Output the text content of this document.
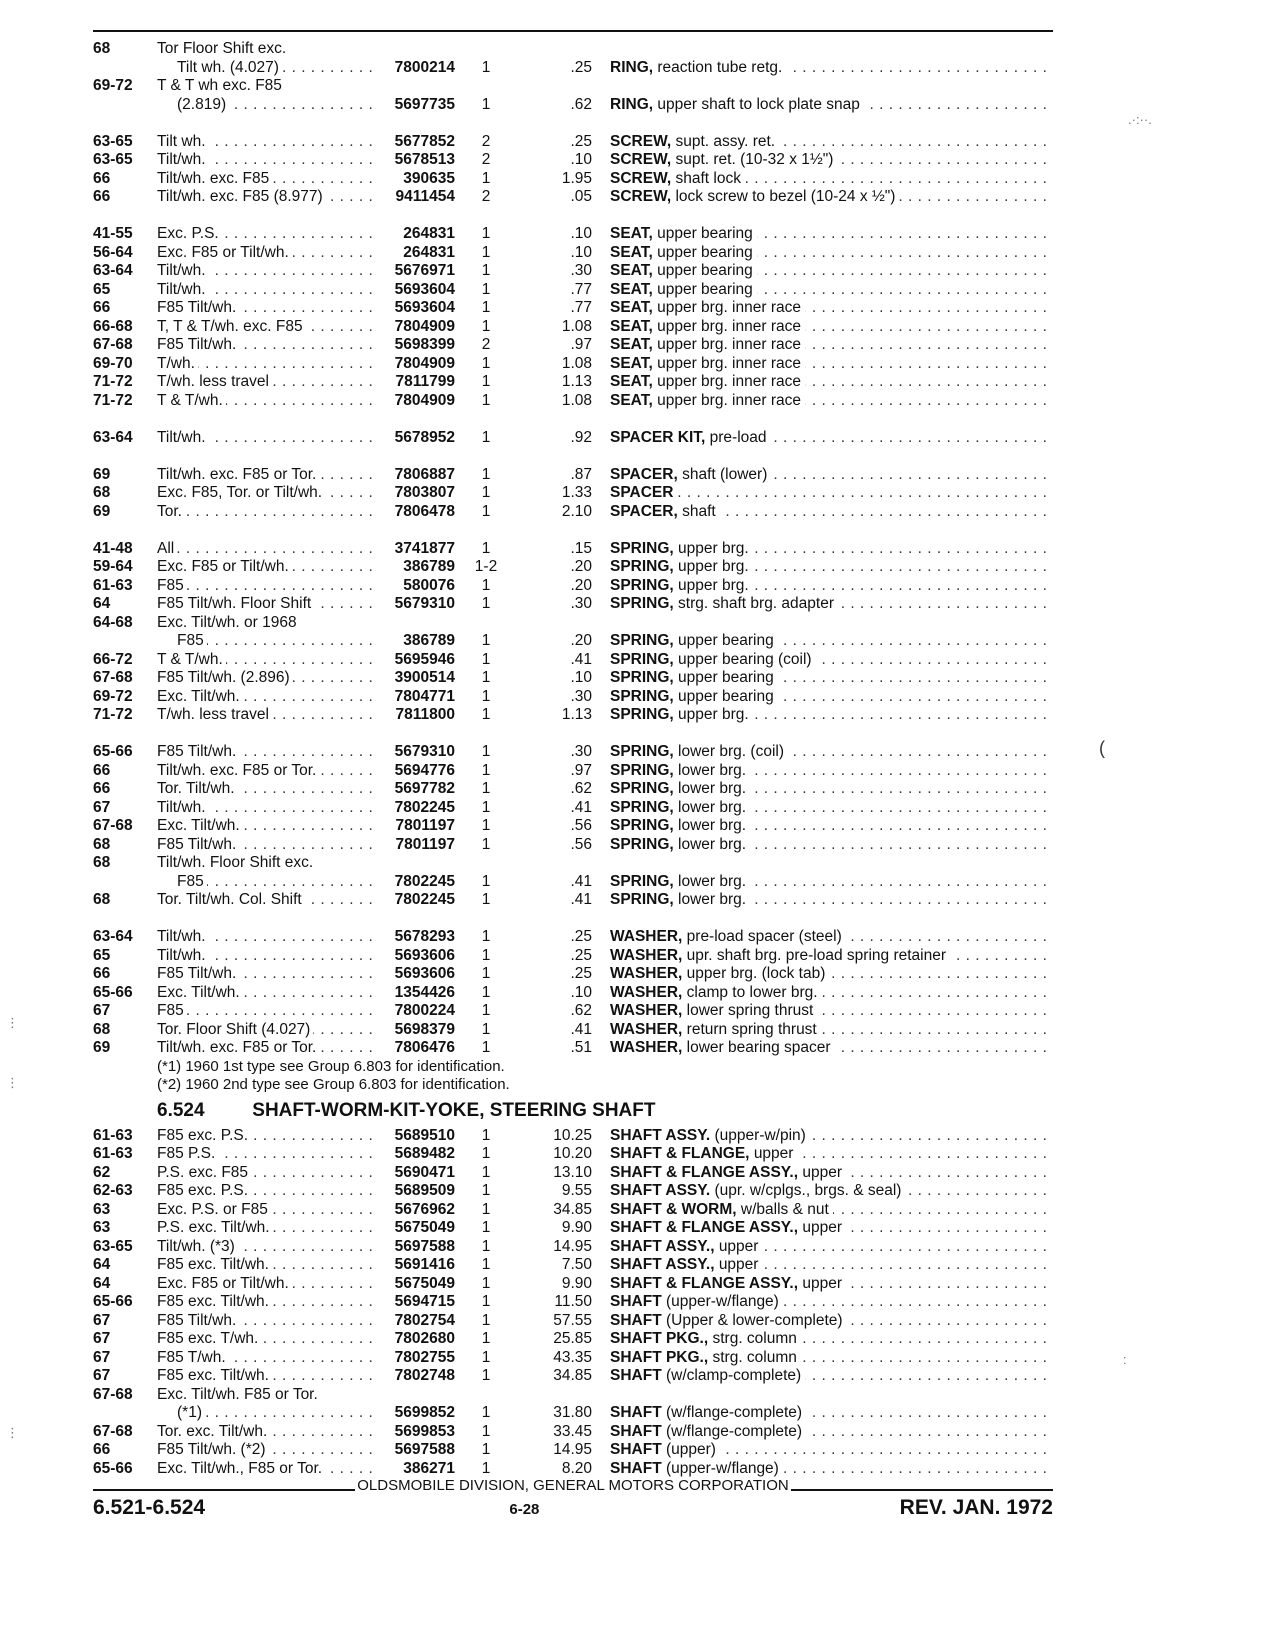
68	Tor Floor Shift exc.
Tilt wh. (4.027) . . .	7800214	1	.25	RING, reaction tube retg. . . .
69-72	T & T wh exc. F85
(2.819) . . .	5697735	1	.62	RING, upper shaft to lock plate snap . . .
63-65	Tilt wh. . . .	5677852	2	.25	SCREW, supt. assy. ret. . . .
63-65	Tilt/wh. . . .	5678513	2	.10	SCREW, supt. ret. (10-32 x 1½") . . .
66	Tilt/wh. exc. F85 . . .	390635	1	1.95	SCREW, shaft lock . . .
66	Tilt/wh. exc. F85 (8.977) . . .	9411454	2	.05	SCREW, lock screw to bezel (10-24 x ½") . . .
41-55	Exc. P.S. . . .	264831	1	.10	SEAT, upper bearing . . .
56-64	Exc. F85 or Tilt/wh. . . .	264831	1	.10	SEAT, upper bearing . . .
63-64	Tilt/wh. . . .	5676971	1	.30	SEAT, upper bearing . . .
65	Tilt/wh. . . .	5693604	1	.77	SEAT, upper bearing . . .
66	F85 Tilt/wh. . . .	5693604	1	.77	SEAT, upper brg. inner race . . .
66-68	T, T & T/wh. exc. F85 . . .	7804909	1	1.08	SEAT, upper brg. inner race . . .
67-68	F85 Tilt/wh. . . .	5698399	2	.97	SEAT, upper brg. inner race . . .
69-70	T/wh. . . .	7804909	1	1.08	SEAT, upper brg. inner race . . .
71-72	T/wh. less travel . . .	7811799	1	1.13	SEAT, upper brg. inner race . . .
71-72	T & T/wh. . . .	7804909	1	1.08	SEAT, upper brg. inner race . . .
63-64	Tilt/wh. . . .	5678952	1	.92	SPACER KIT, pre-load . . .
69	Tilt/wh. exc. F85 or Tor. . . .	7806887	1	.87	SPACER, shaft (lower) . . .
68	Exc. F85, Tor. or Tilt/wh. . . .	7803807	1	1.33	SPACER . . .
69	Tor. . . .	7806478	1	2.10	SPACER, shaft . . .
41-48	All . . .	3741877	1	.15	SPRING, upper brg. . . .
59-64	Exc. F85 or Tilt/wh. . . .	386789	1-2	.20	SPRING, upper brg. . . .
61-63	F85 . . .	580076	1	.20	SPRING, upper brg. . . .
64	F85 Tilt/wh. Floor Shift . . .	5679310	1	.30	SPRING, strg. shaft brg. adapter . . .
64-68	Exc. Tilt/wh. or 1968
F85 . . .	386789	1	.20	SPRING, upper bearing . . .
66-72	T & T/wh. . . .	5695946	1	.41	SPRING, upper bearing (coil) . . .
67-68	F85 Tilt/wh. (2.896) . . .	3900514	1	.10	SPRING, upper bearing . . .
69-72	Exc. Tilt/wh. . . .	7804771	1	.30	SPRING, upper bearing . . .
71-72	T/wh. less travel . . .	7811800	1	1.13	SPRING, upper brg. . . .
65-66	F85 Tilt/wh. . . .	5679310	1	.30	SPRING, lower brg. (coil) . . .
66	Tilt/wh. exc. F85 or Tor. . . .	5694776	1	.97	SPRING, lower brg. . . .
66	Tor. Tilt/wh. . . .	5697782	1	.62	SPRING, lower brg. . . .
67	Tilt/wh. . . .	7802245	1	.41	SPRING, lower brg. . . .
67-68	Exc. Tilt/wh. . . .	7801197	1	.56	SPRING, lower brg. . . .
68	F85 Tilt/wh. . . .	7801197	1	.56	SPRING, lower brg. . . .
68	Tilt/wh. Floor Shift exc.
F85 . . .	7802245	1	.41	SPRING, lower brg. . . .
68	Tor. Tilt/wh. Col. Shift . . .	7802245	1	.41	SPRING, lower brg. . . .
63-64	Tilt/wh. . . .	5678293	1	.25	WASHER, pre-load spacer (steel) . . .
65	Tilt/wh. . . .	5693606	1	.25	WASHER, upr. shaft brg. pre-load spring retainer . . .
66	F85 Tilt/wh. . . .	5693606	1	.25	WASHER, upper brg. (lock tab) . . .
65-66	Exc. Tilt/wh. . . .	1354426	1	.10	WASHER, clamp to lower brg. . . .
67	F85 . . .	7800224	1	.62	WASHER, lower spring thrust . . .
68	Tor. Floor Shift (4.027) . . .	5698379	1	.41	WASHER, return spring thrust . . .
69	Tilt/wh. exc. F85 or Tor. . . .	7806476	1	.51	WASHER, lower bearing spacer . . .
(*1) 1960 1st type see Group 6.803 for identification.
(*2) 1960 2nd type see Group 6.803 for identification.
6.524	SHAFT-WORM-KIT-YOKE, STEERING SHAFT
61-63	F85 exc. P.S. . . .	5689510	1	10.25	SHAFT ASSY. (upper-w/pin) . . .
61-63	F85 P.S. . . .	5689482	1	10.20	SHAFT & FLANGE, upper . . .
62	P.S. exc. F85 . . .	5690471	1	13.10	SHAFT & FLANGE ASSY., upper . . .
62-63	F85 exc. P.S. . . .	5689509	1	9.55	SHAFT ASSY. (upr. w/cplgs., brgs. & seal) . . .
63	Exc. P.S. or F85 . . .	5676962	1	34.85	SHAFT & WORM, w/balls & nut . . .
63	P.S. exc. Tilt/wh. . . .	5675049	1	9.90	SHAFT & FLANGE ASSY., upper . . .
63-65	Tilt/wh. (*3) . . .	5697588	1	14.95	SHAFT ASSY., upper . . .
64	F85 exc. Tilt/wh. . . .	5691416	1	7.50	SHAFT ASSY., upper . . .
64	Exc. F85 or Tilt/wh. . . .	5675049	1	9.90	SHAFT & FLANGE ASSY., upper . . .
65-66	F85 exc. Tilt/wh. . . .	5694715	1	11.50	SHAFT (upper-w/flange) . . .
67	F85 Tilt/wh. . . .	7802754	1	57.55	SHAFT (Upper & lower-complete) . . .
67	F85 exc. T/wh. . . .	7802680	1	25.85	SHAFT PKG., strg. column . . .
67	F85 T/wh. . . .	7802755	1	43.35	SHAFT PKG., strg. column . . .
67	F85 exc. Tilt/wh. . . .	7802748	1	34.85	SHAFT (w/clamp-complete) . . .
67-68	Exc. Tilt/wh. F85 or Tor.
(*1) . . .	5699852	1	31.80	SHAFT (w/flange-complete) . . .
67-68	Tor. exc. Tilt/wh. . . .	5699853	1	33.45	SHAFT (w/flange-complete) . . .
66	F85 Tilt/wh. (*2) . . .	5697588	1	14.95	SHAFT (upper) . . .
65-66	Exc. Tilt/wh., F85 or Tor. . . .	386271	1	8.20	SHAFT (upper-w/flange) . . .
OLDSMOBILE DIVISION, GENERAL MOTORS CORPORATION
6.521-6.524	6-28	REV. JAN. 1972
.·:··.
(
:
⋮
⋮
⋮
